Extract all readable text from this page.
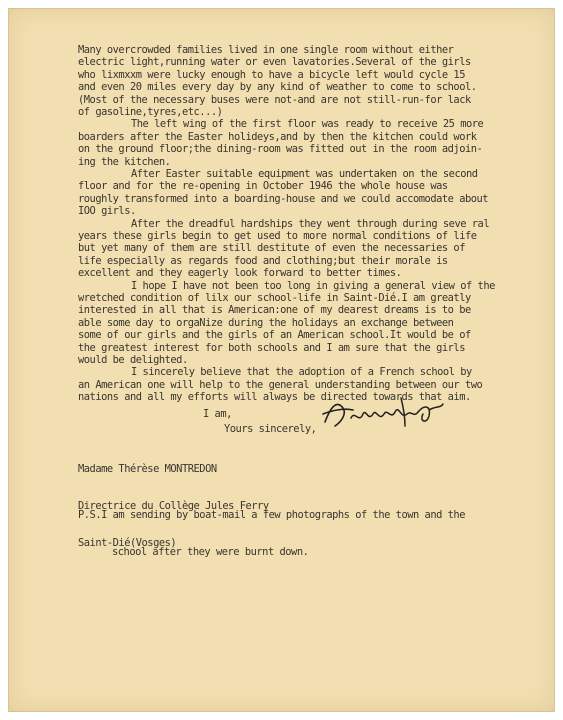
Many overcrowded families lived in one single room without either
electric light,running water or even lavatories.Several of the girls
who lixmxxm were lucky enough to have a bicycle left would cycle 15
and even 20 miles every day by any kind of weather to come to school.
(Most of the necessary buses were not-and are not still-run-for lack
of gasoline,tyres,etc...)
The left wing of the first floor was ready to receive 25 more
boarders after the Easter holideys,and by then the kitchen could work
on the ground floor;the dining-room was fitted out in the room adjoin-
ing the kitchen.
After Easter suitable equipment was undertaken on the second
floor and for the re-opening in October 1946 the whole house was
roughly transformed into a boarding-house and we could accomodate about
IOO girls.
After the dreadful hardships they went through during seve ral
years these girls begin to get used to more normal conditions of life
but yet many of them are still destitute of even the necessaries of
life especially as regards food and clothing;but their morale is
excellent and they eagerly look forward to better times.
I hope I have not been too long in giving a general view of the
wretched condition of lilx our school-life in Saint-Dié.I am greatly
interested in all that is American:one of my dearest dreams is to be
able some day to orgaNize during the holidays an exchange between
some of our girls and the girls of an American school.It would be of
the greatest interest for both schools and I am sure that the girls
would be delighted.
I sincerely believe that the adoption of a French school by
an American one will help to the general understanding between our two
nations and all my efforts will always be directed towards that aim.

I am,

Yours sincerely,

Madame Thérèse MONTREDON

Directrice du Collège Jules Ferry

Saint-Dié(Vosges)

P.S.I am sending by boat-mail a few photographs of the town and the

school after they were burnt down.
